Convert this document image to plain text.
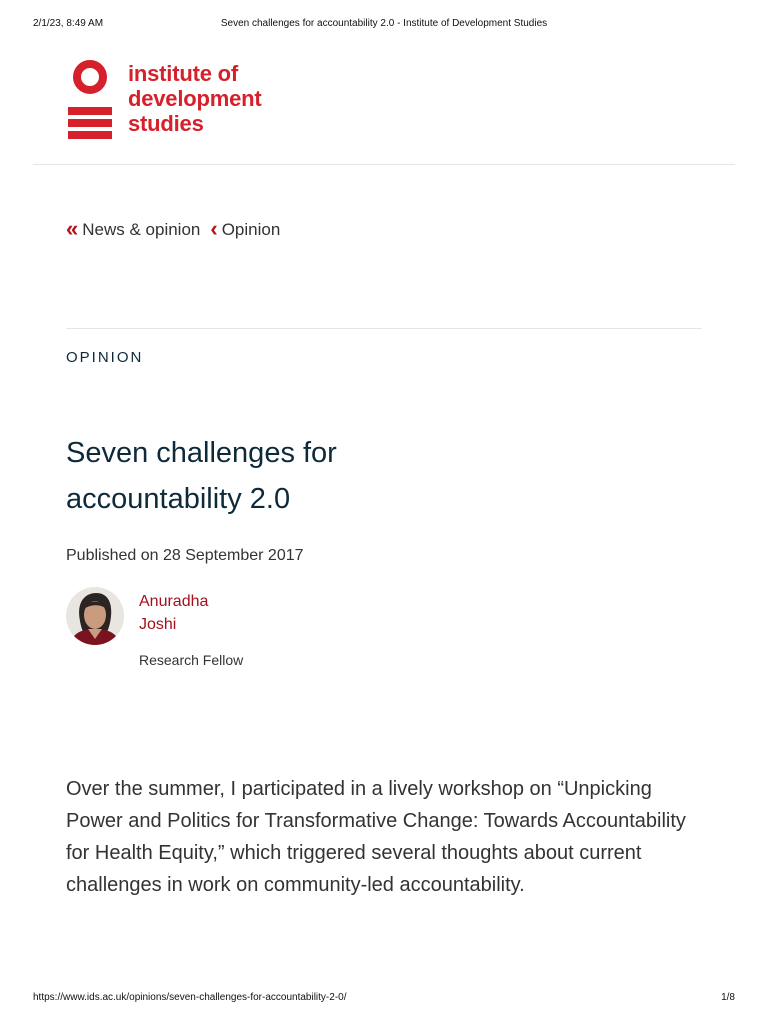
2/1/23, 8:49 AM	Seven challenges for accountability 2.0 - Institute of Development Studies
institute of
development
studies
« News & opinion ‹ Opinion
OPINION
Seven challenges for accountability 2.0
Published on 28 September 2017
Anuradha
Joshi
Research Fellow

Over the summer, I participated in a lively workshop on “Unpicking Power and Politics for Transformative Change: Towards Accountability for Health Equity,” which triggered several thoughts about current challenges in work on community-led accountability.

https://www.ids.ac.uk/opinions/seven-challenges-for-accountability-2-0/	1/8
